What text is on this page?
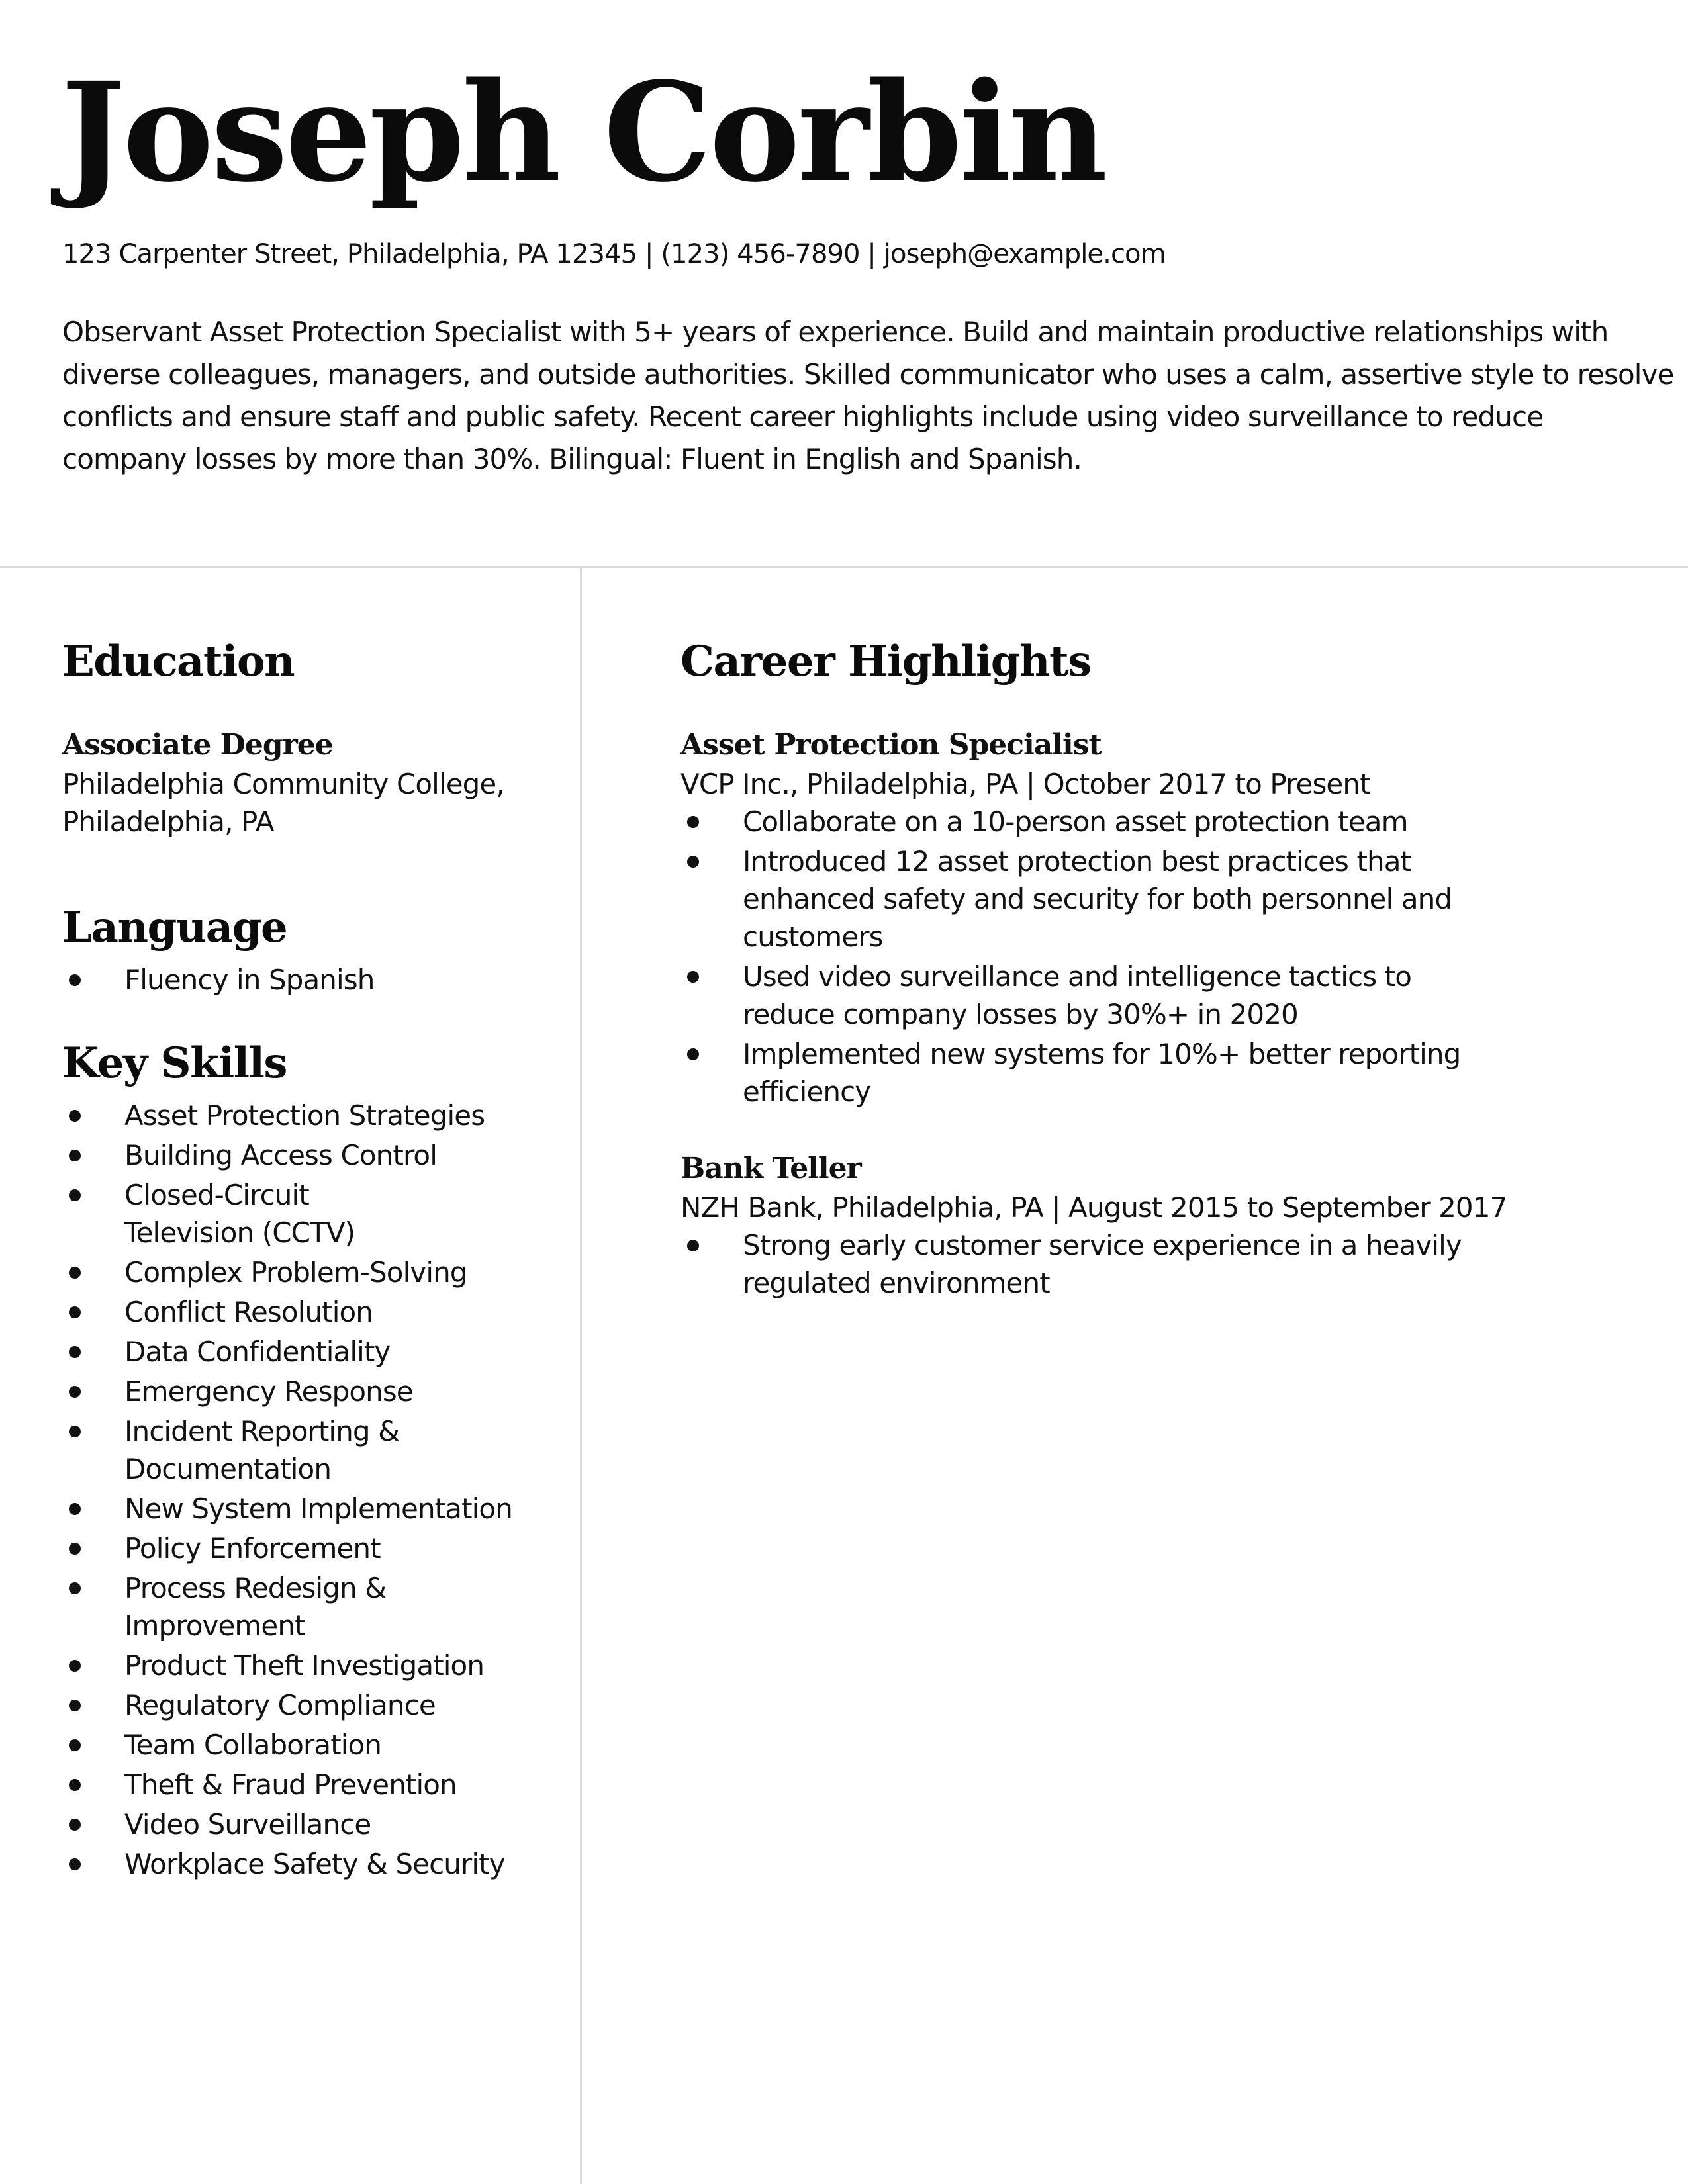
Joseph Corbin

123 Carpenter Street, Philadelphia, PA 12345 | (123) 456-7890 | joseph@example.com

Observant Asset Protection Specialist with 5+ years of experience. Build and maintain productive relationships with
diverse colleagues, managers, and outside authorities. Skilled communicator who uses a calm, assertive style to resolve
conflicts and ensure staff and public safety. Recent career highlights include using video surveillance to reduce
company losses by more than 30%. Bilingual: Fluent in English and Spanish.

Education

Associate Degree

Philadelphia Community College,

Philadelphia, PA

Language
Fluency in Spanish
Key Skills
Asset Protection Strategies
Building Access Control
Closed-Circuit Television (CCTV)
Complex Problem-Solving
Conflict Resolution
Data Confidentiality
Emergency Response
Incident Reporting & Documentation
New System Implementation
Policy Enforcement
Process Redesign & Improvement
Product Theft Investigation
Regulatory Compliance
Team Collaboration
Theft & Fraud Prevention
Video Surveillance
Workplace Safety & Security
Career Highlights

Asset Protection Specialist

VCP Inc., Philadelphia, PA | October 2017 to Present

Collaborate on a 10-person asset protection team
Introduced 12 asset protection best practices that enhanced safety and security for both personnel and customers
Used video surveillance and intelligence tactics to reduce company losses by 30%+ in 2020
Implemented new systems for 10%+ better reporting efficiency

Bank Teller

NZH Bank, Philadelphia, PA | August 2015 to September 2017

Strong early customer service experience in a heavily regulated environment
